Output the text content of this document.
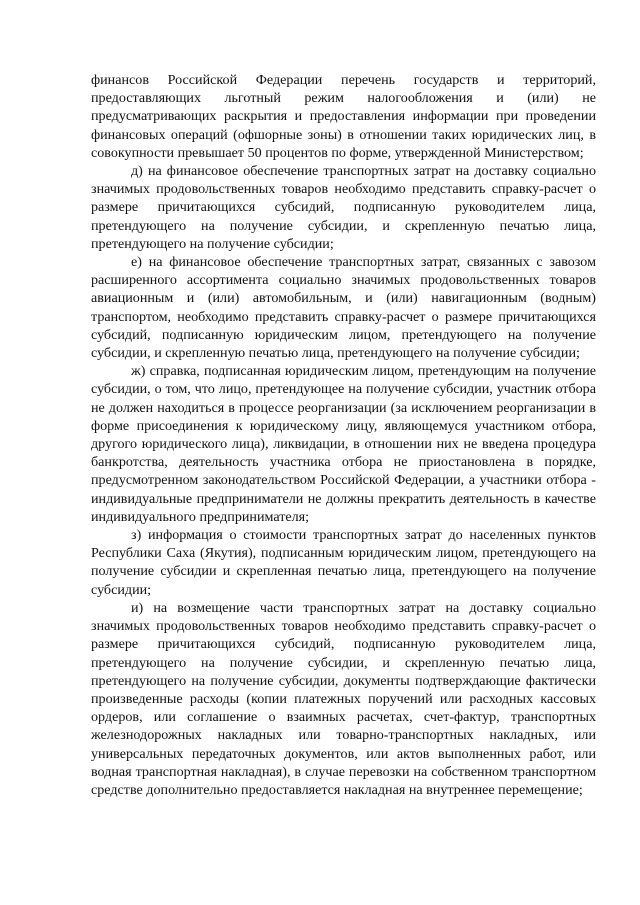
финансов Российской Федерации перечень государств и территорий, предоставляющих льготный режим налогообложения и (или) не предусматривающих раскрытия и предоставления информации при проведении финансовых операций (офшорные зоны) в отношении таких юридических лиц, в совокупности превышает 50 процентов по форме, утвержденной Министерством;

д) на финансовое обеспечение транспортных затрат на доставку социально значимых продовольственных товаров необходимо представить справку-расчет о размере причитающихся субсидий, подписанную руководителем лица, претендующего на получение субсидии, и скрепленную печатью лица, претендующего на получение субсидии;

е) на финансовое обеспечение транспортных затрат, связанных с завозом расширенного ассортимента социально значимых продовольственных товаров авиационным и (или) автомобильным, и (или) навигационным (водным) транспортом, необходимо представить справку-расчет о размере причитающихся субсидий, подписанную юридическим лицом, претендующего на получение субсидии, и скрепленную печатью лица, претендующего на получение субсидии;

ж) справка, подписанная юридическим лицом, претендующим на получение субсидии, о том, что лицо, претендующее на получение субсидии, участник отбора не должен находиться в процессе реорганизации (за исключением реорганизации в форме присоединения к юридическому лицу, являющемуся участником отбора, другого юридического лица), ликвидации, в отношении них не введена процедура банкротства, деятельность участника отбора не приостановлена в порядке, предусмотренном законодательством Российской Федерации, а участники отбора - индивидуальные предприниматели не должны прекратить деятельность в качестве индивидуального предпринимателя;

з) информация о стоимости транспортных затрат до населенных пунктов Республики Саха (Якутия), подписанным юридическим лицом, претендующего на получение субсидии и скрепленная печатью лица, претендующего на получение субсидии;

и) на возмещение части транспортных затрат на доставку социально значимых продовольственных товаров необходимо представить справку-расчет о размере причитающихся субсидий, подписанную руководителем лица, претендующего на получение субсидии, и скрепленную печатью лица, претендующего на получение субсидии, документы подтверждающие фактически произведенные расходы (копии платежных поручений или расходных кассовых ордеров, или соглашение о взаимных расчетах, счет-фактур, транспортных железнодорожных накладных или товарно-транспортных накладных, или универсальных передаточных документов, или актов выполненных работ, или водная транспортная накладная), в случае перевозки на собственном транспортном средстве дополнительно предоставляется накладная на внутреннее перемещение;
